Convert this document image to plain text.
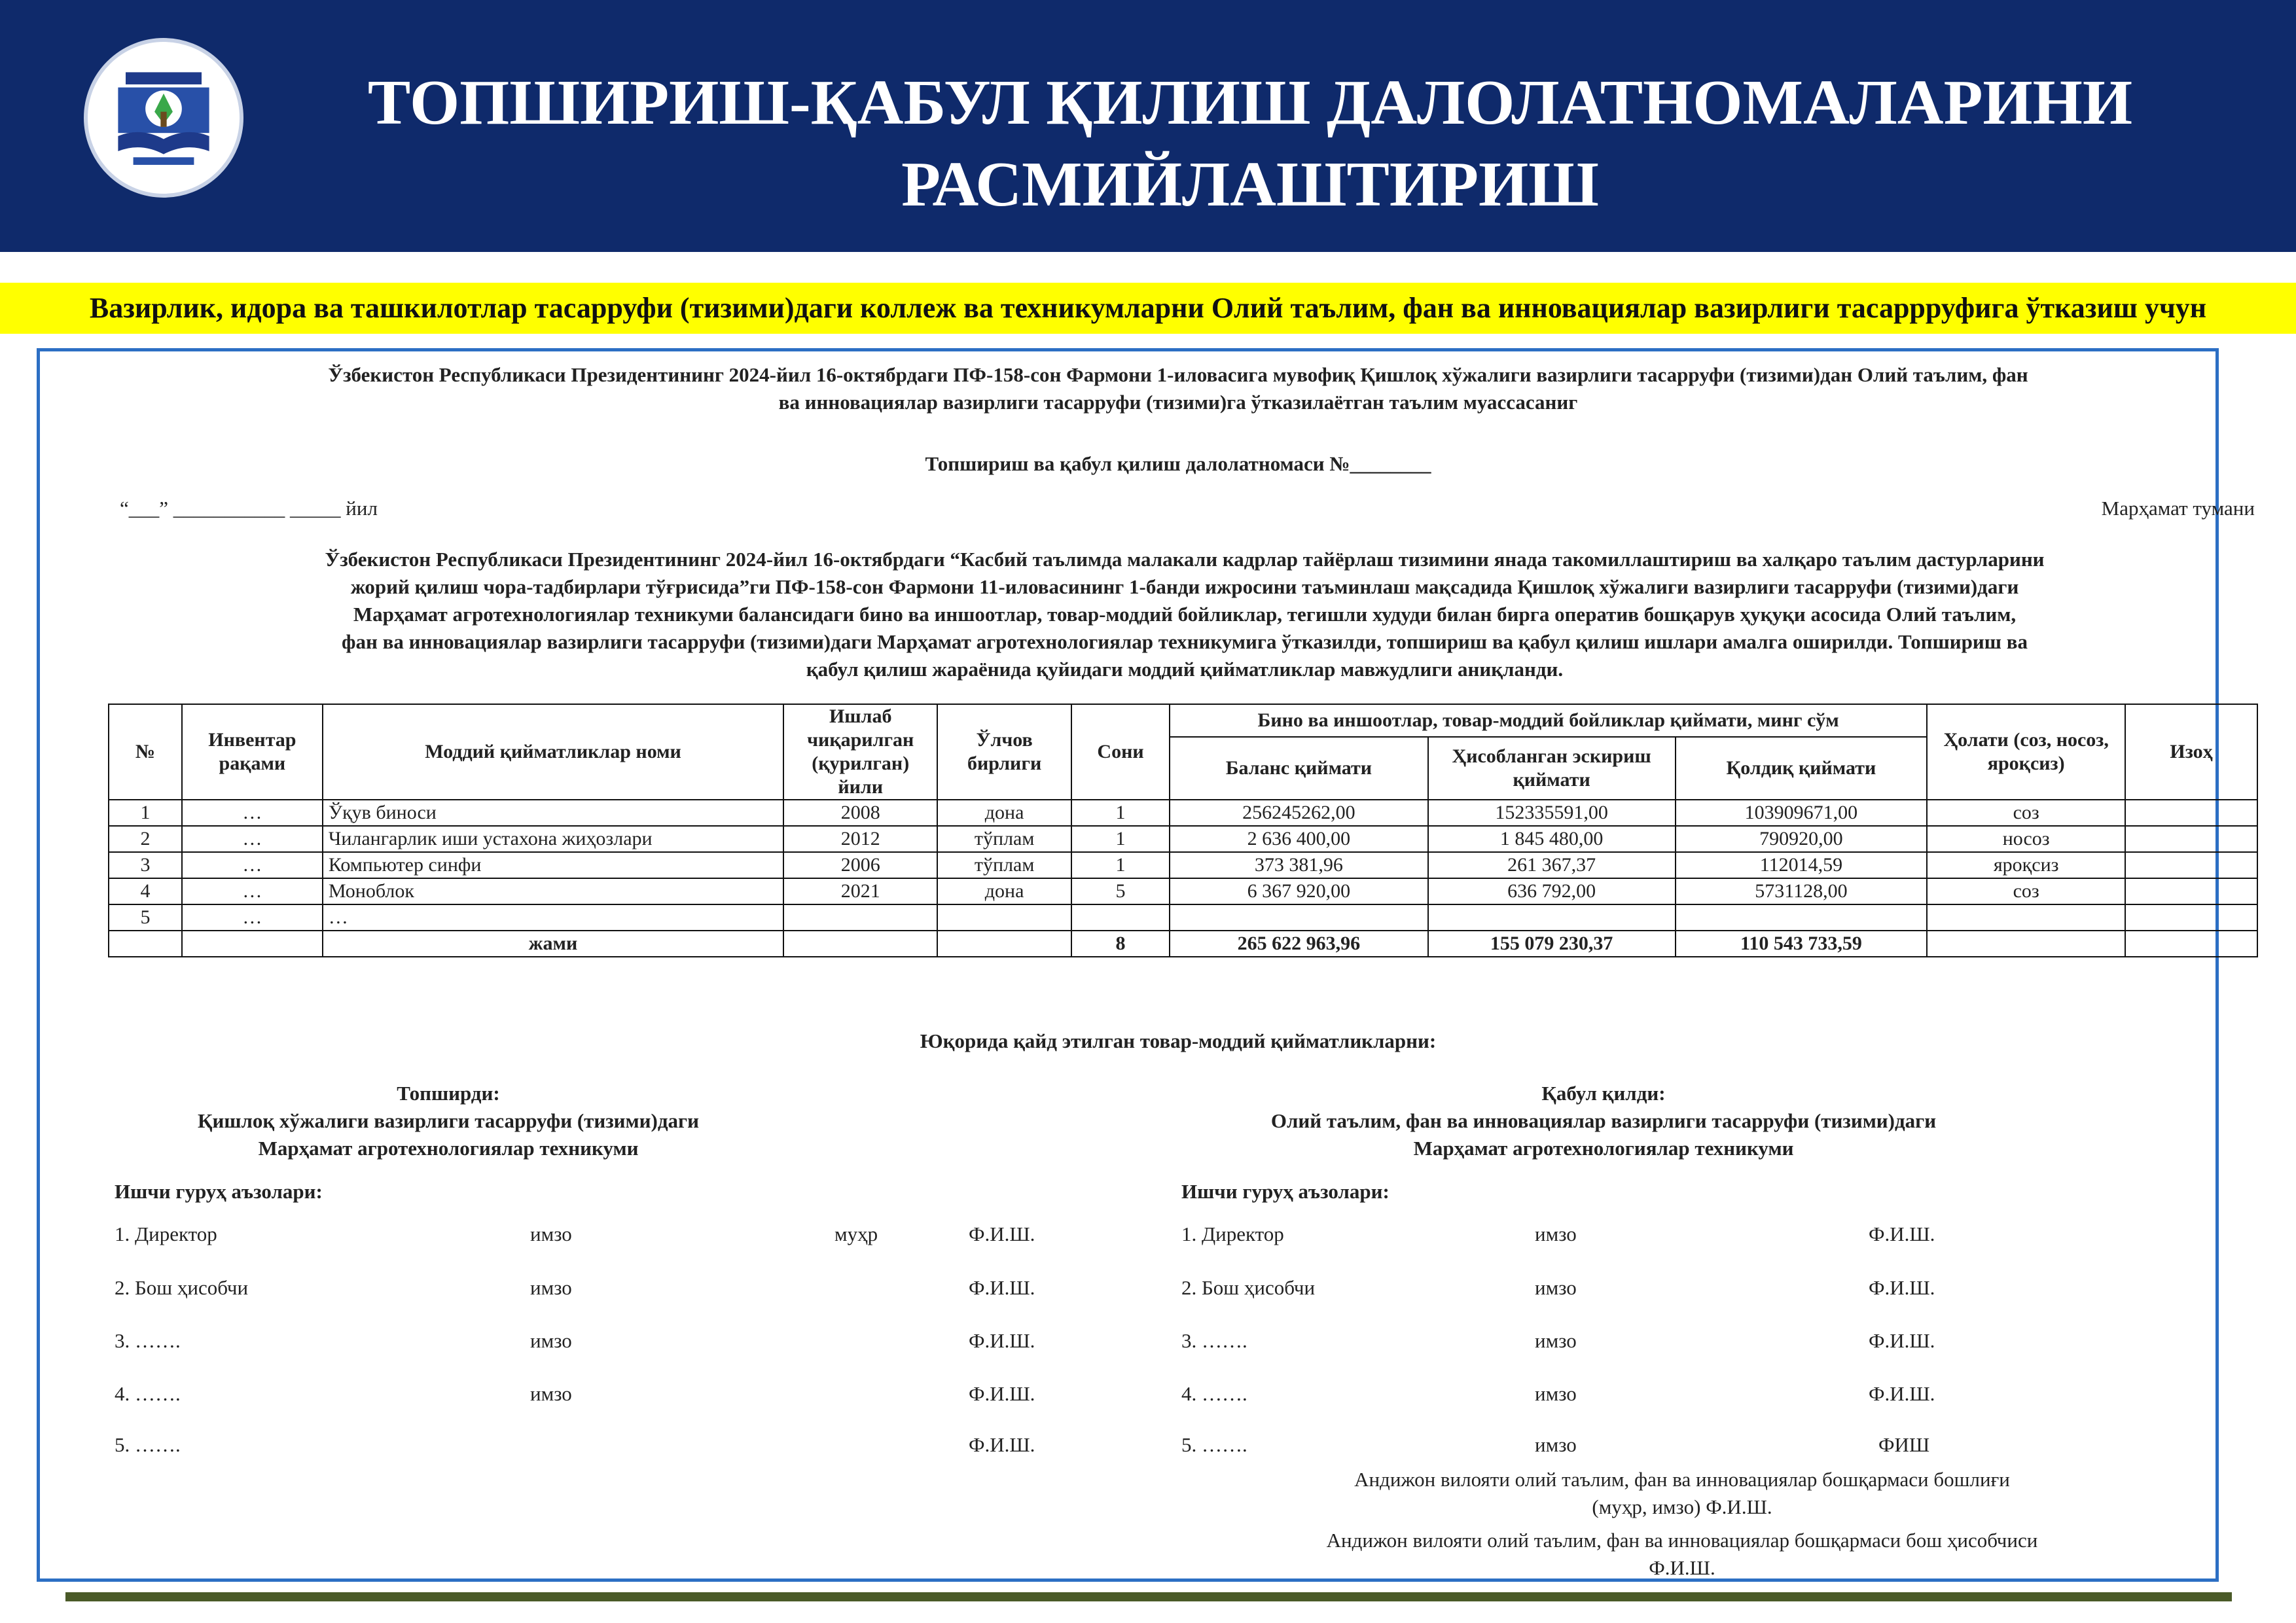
ТОПШИРИШ-ҚАБУЛ ҚИЛИШ ДАЛОЛАТНОМАЛАРИНИ
РАСМИЙЛАШТИРИШ
Вазирлик, идора ва ташкилотлар тасарруфи (тизими)даги коллеж ва техникумларни Олий таълим, фан ва инновациялар вазирлиги тасаррруфига ўтказиш учун
Ўзбекистон Республикаси Президентининг 2024-йил 16-октябрдаги ПФ-158-сон Фармони 1-иловасига мувофиқ Қишлоқ хўжалиги вазирлиги тасарруфи (тизими)дан Олий таълим, фан
ва инновациялар вазирлиги тасарруфи (тизими)га ўтказилаётган таълим муассасаниг
Топшириш ва қабул қилиш далолатномаси №________
“___” ___________ _____ йил	Марҳамат тумани
Ўзбекистон Республикаси Президентининг 2024-йил 16-октябрдаги “Касбий таълимда малакали кадрлар тайёрлаш тизимини янада такомиллаштириш ва халқаро таълим дастурларини
жорий қилиш чора-тадбирлари тўғрисида”ги ПФ-158-сон Фармони 11-иловасининг 1-банди ижросини таъминлаш мақсадида Қишлоқ хўжалиги вазирлиги тасарруфи (тизими)даги
Марҳамат агротехнологиялар техникуми балансидаги бино ва иншоотлар, товар-моддий бойликлар, тегишли худуди билан бирга оператив бошқарув ҳуқуқи асосида Олий таълим,
фан ва инновациялар вазирлиги тасарруфи (тизими)даги Марҳамат агротехнологиялар техникумига ўтказилди, топшириш ва қабул қилиш ишлари амалга оширилди. Топшириш ва
қабул қилиш жараёнида қуйидаги моддий қийматликлар мавжудлиги аниқланди.
№	Инвентар рақами	Моддий қийматликлар номи	Ишлаб чиқарилган (қурилган) йили	Ўлчов бирлиги	Сони	Бино ва иншоотлар, товар-моддий бойликлар қиймати, минг сўм			Ҳолати (соз, носоз, яроқсиз)	Изоҳ
						Баланс қиймати	Ҳисобланган эскириш қиймати	Қолдиқ қиймати		
1	…	Ўқув биноси	2008	дона	1	256245262,00	152335591,00	103909671,00	соз	
2	…	Чилангарлик иши устахона жиҳозлари	2012	тўплам	1	2 636 400,00	1 845 480,00	790920,00	носоз	
3	…	Компьютер синфи	2006	тўплам	1	373 381,96	261 367,37	112014,59	яроқсиз	
4	…	Моноблок	2021	дона	5	6 367 920,00	636 792,00	5731128,00	соз	
5	…	…								
		жами			8	265 622 963,96	155 079 230,37	110 543 733,59		
Юқорида қайд этилган товар-моддий қийматликларни:
Топширди:
Қишлоқ хўжалиги вазирлиги тасарруфи (тизими)даги
Марҳамат агротехнологиялар техникуми
Ишчи гуруҳ аъзолари:
1. Директор	имзо	муҳр	Ф.И.Ш.
2. Бош ҳисобчи	имзо	Ф.И.Ш.
3. …….	имзо	Ф.И.Ш.
4. …….	имзо	Ф.И.Ш.
5. …….	Ф.И.Ш.
Қабул қилди:
Олий таълим, фан ва инновациялар вазирлиги тасарруфи (тизими)даги
Марҳамат агротехнологиялар техникуми
Ишчи гуруҳ аъзолари:
1. Директор	имзо	Ф.И.Ш.
2. Бош ҳисобчи	имзо	Ф.И.Ш.
3. …….	имзо	Ф.И.Ш.
4. …….	имзо	Ф.И.Ш.
5. …….	имзо	ФИШ
Андижон вилояти олий таълим, фан ва инновациялар бошқармаси бошлиғи
(муҳр, имзо) Ф.И.Ш.
Андижон вилояти олий таълим, фан ва инновациялар бошқармаси бош ҳисобчиси
Ф.И.Ш.
